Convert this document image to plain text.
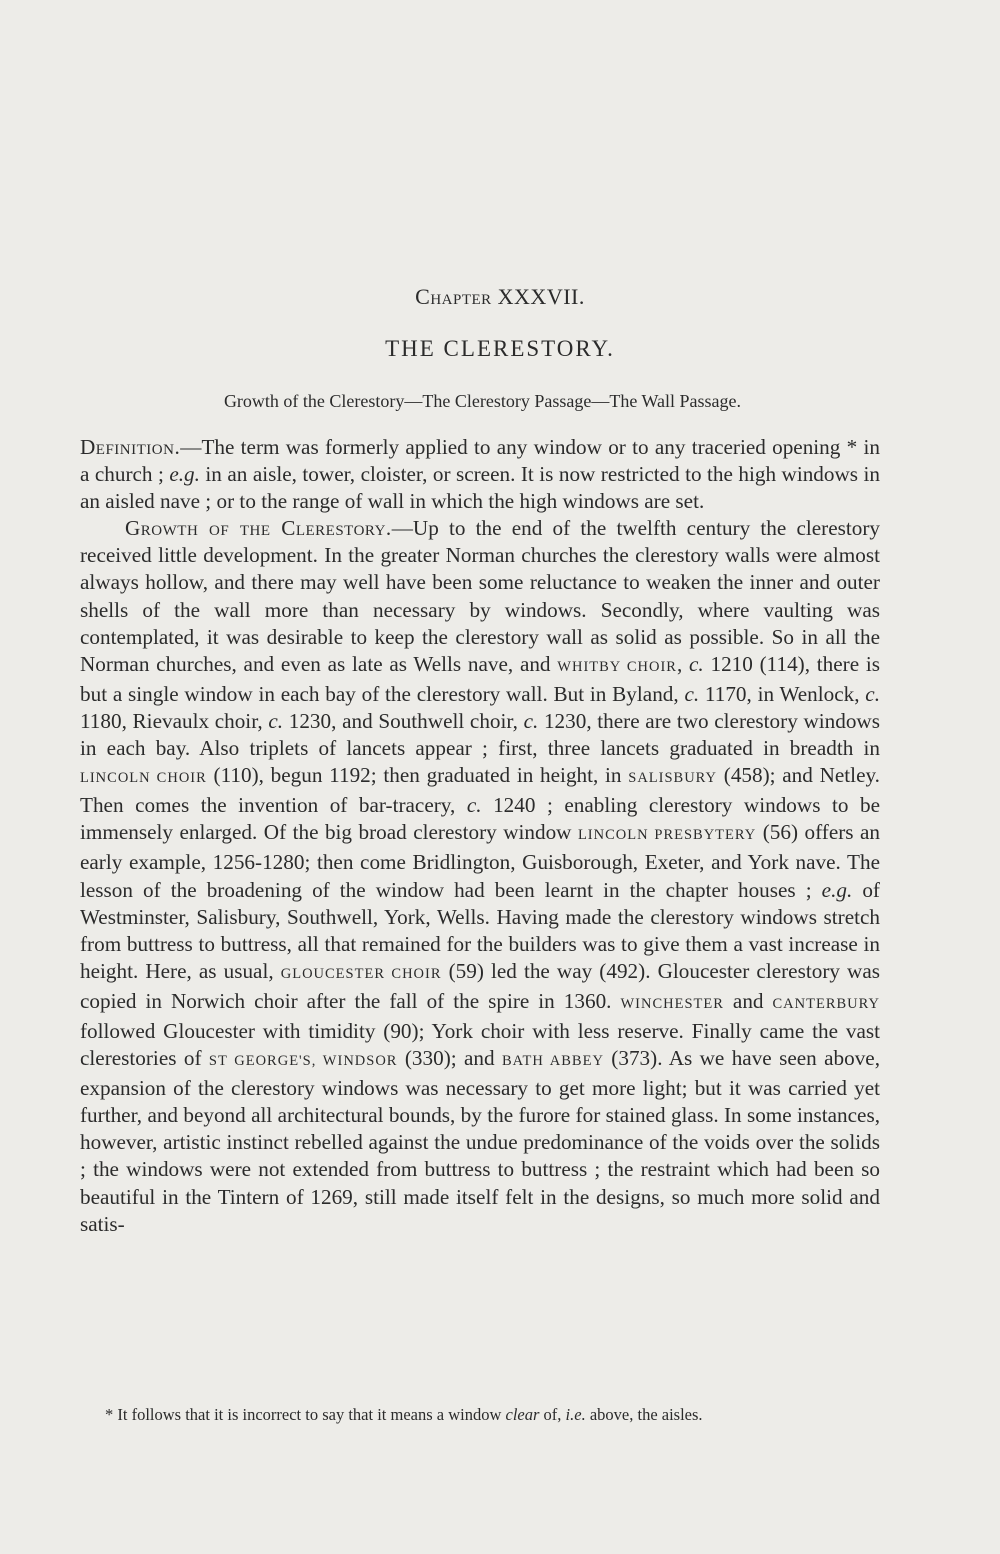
Chapter XXXVII.
THE CLERESTORY.
Growth of the Clerestory—The Clerestory Passage—The Wall Passage.

Definition.—The term was formerly applied to any window or to any traceried opening * in a church ; e.g. in an aisle, tower, cloister, or screen. It is now restricted to the high windows in an aisled nave ; or to the range of wall in which the high windows are set.

Growth of the Clerestory.—Up to the end of the twelfth century the clerestory received little development. In the greater Norman churches the clerestory walls were almost always hollow, and there may well have been some reluctance to weaken the inner and outer shells of the wall more than necessary by windows. Secondly, where vaulting was contemplated, it was desirable to keep the clerestory wall as solid as possible. So in all the Norman churches, and even as late as Wells nave, and WHITBY CHOIR, c. 1210 (114), there is but a single window in each bay of the clerestory wall. But in Byland, c. 1170, in Wenlock, c. 1180, Rievaulx choir, c. 1230, and Southwell choir, c. 1230, there are two clerestory windows in each bay. Also triplets of lancets appear ; first, three lancets graduated in breadth in LINCOLN CHOIR (110), begun 1192; then graduated in height, in SALISBURY (458); and Netley. Then comes the invention of bar-tracery, c. 1240 ; enabling clerestory windows to be immensely enlarged. Of the big broad clerestory window LINCOLN PRESBYTERY (56) offers an early example, 1256-1280; then come Bridlington, Guisborough, Exeter, and York nave. The lesson of the broadening of the window had been learnt in the chapter houses ; e.g. of Westminster, Salisbury, Southwell, York, Wells. Having made the clerestory windows stretch from buttress to buttress, all that remained for the builders was to give them a vast increase in height. Here, as usual, GLOUCESTER CHOIR (59) led the way (492). Gloucester clerestory was copied in Norwich choir after the fall of the spire in 1360. WINCHESTER and CANTERBURY followed Gloucester with timidity (90); York choir with less reserve. Finally came the vast clerestories of ST GEORGE'S, WINDSOR (330); and BATH ABBEY (373). As we have seen above, expansion of the clerestory windows was necessary to get more light; but it was carried yet further, and beyond all architectural bounds, by the furore for stained glass. In some instances, however, artistic instinct rebelled against the undue predominance of the voids over the solids ; the windows were not extended from buttress to buttress ; the restraint which had been so beautiful in the Tintern of 1269, still made itself felt in the designs, so much more solid and satis-

* It follows that it is incorrect to say that it means a window clear of, i.e. above, the aisles.
